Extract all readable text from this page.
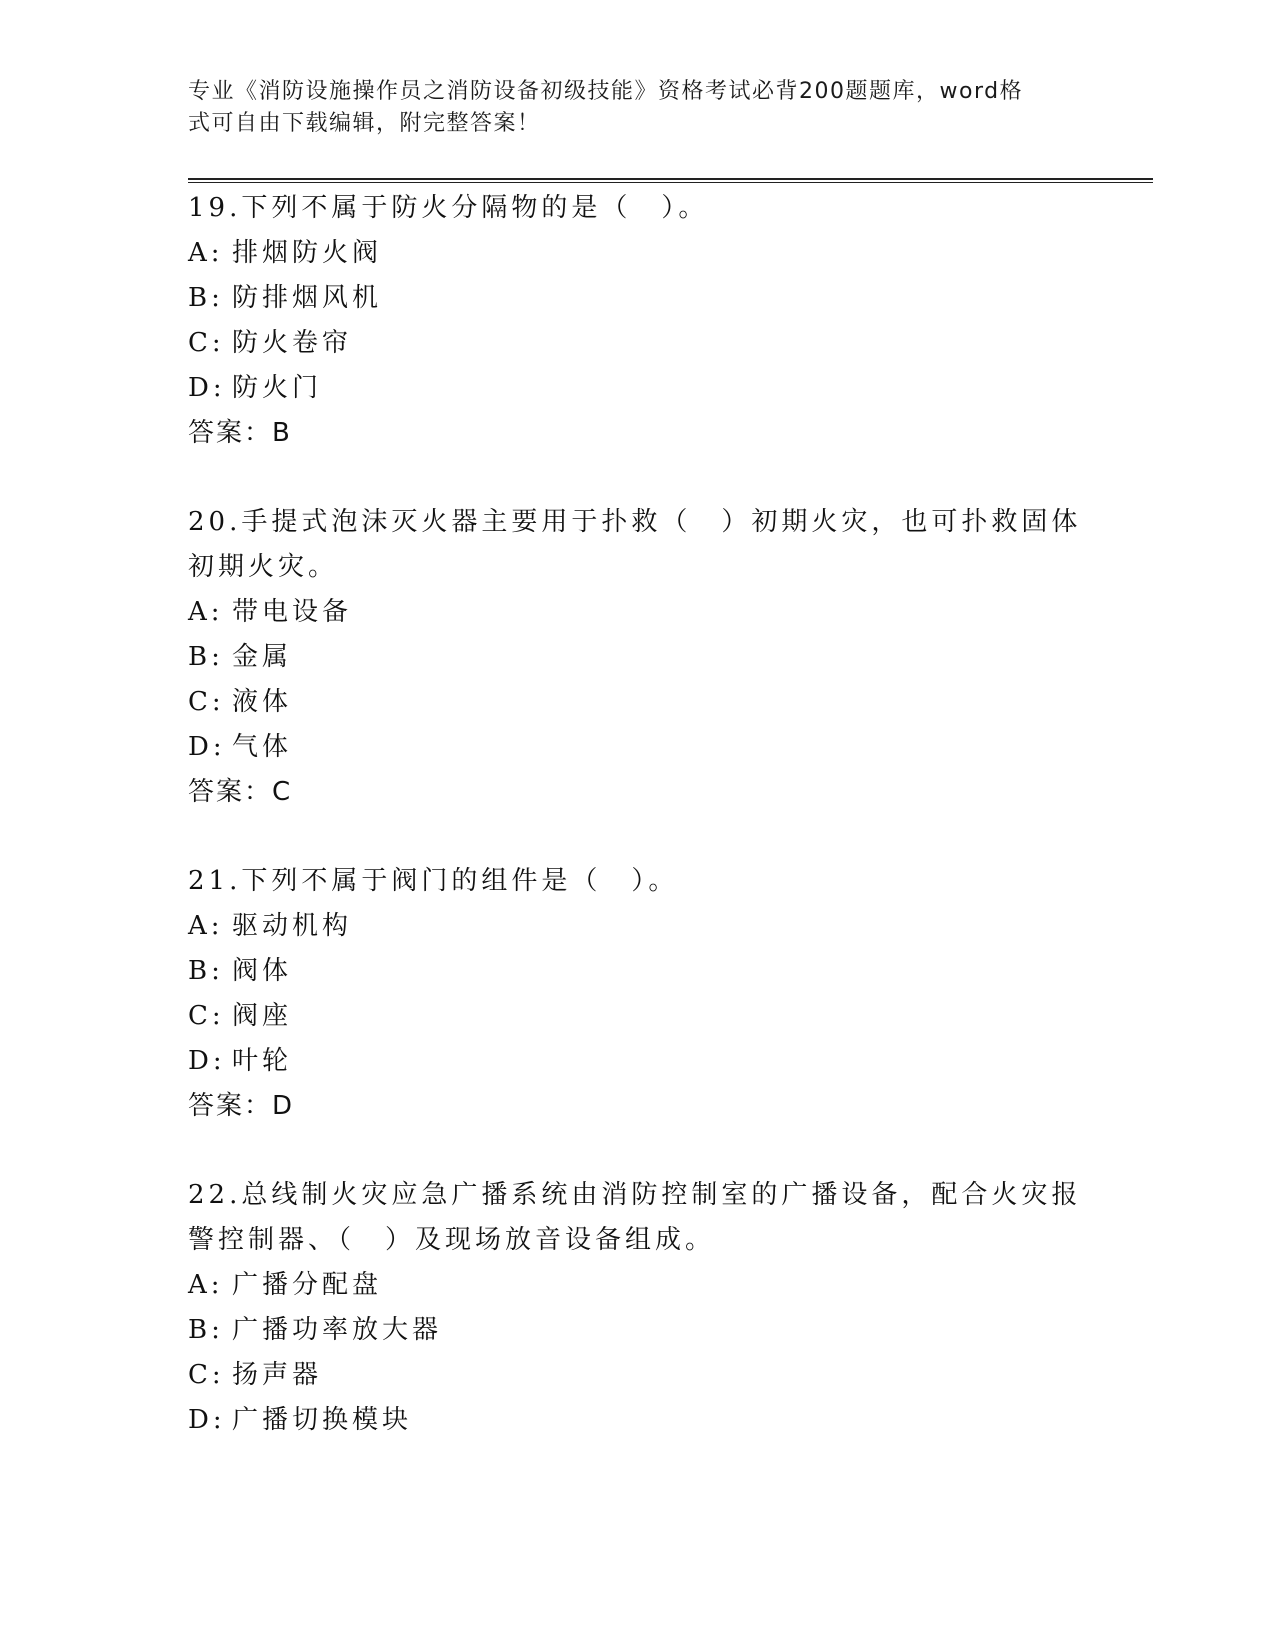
专业《消防设施操作员之消防设备初级技能》资格考试必背200题题库，word格
式可自由下载编辑，附完整答案！

19.下列不属于防火分隔物的是（　）。

A: 排烟防火阀

B: 防排烟风机

C: 防火卷帘

D: 防火门

答案：B

20.手提式泡沫灭火器主要用于扑救（　）初期火灾，也可扑救固体初期火灾。

A: 带电设备

B: 金属

C: 液体

D: 气体

答案：C

21.下列不属于阀门的组件是（　）。

A: 驱动机构

B: 阀体

C: 阀座

D: 叶轮

答案：D

22.总线制火灾应急广播系统由消防控制室的广播设备，配合火灾报警控制器、（　）及现场放音设备组成。

A: 广播分配盘

B: 广播功率放大器

C: 扬声器

D: 广播切换模块
